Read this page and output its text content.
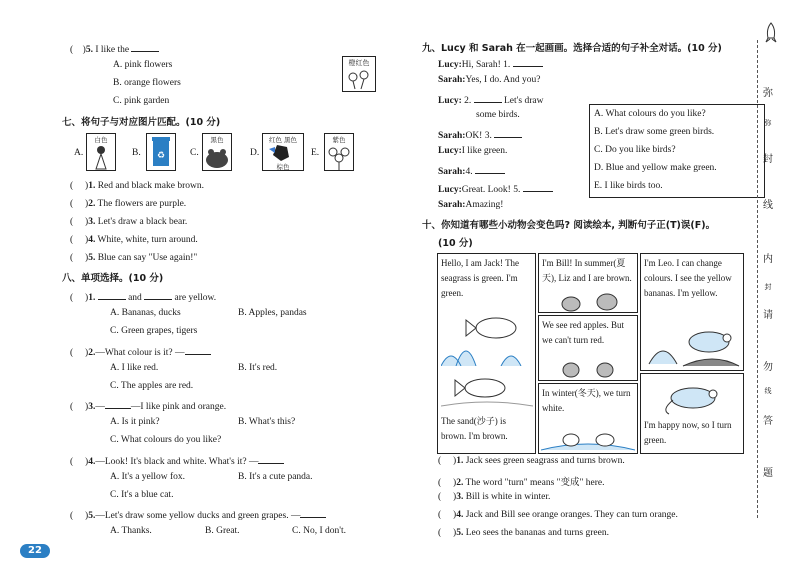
( )5. I like the
A. pink flowers
B. orange flowers
C. pink garden
橙红色
七、将句子与对应图片匹配。(10 分)
A.
白色
B. ♻	C.
黑色
D.
红色 黑色
棕色
E.
紫色
(     )1. Red and black make brown.
(     )2. The flowers are purple.
(     )3. Let's draw a black bear.
(     )4. White, white, turn around.
(     )5. Blue can say "Use again!"
八、单项选择。(10 分)
(     )1.	and	are yellow.
A. Bananas, ducks	B. Apples, pandas
C. Green grapes, tigers
(     )2.—What colour is it? —
A. I like red.	B. It's red.
C. The apples are red.
(     )3.—	—I like pink and orange.
A. Is it pink?	B. What's this?
C. What colours do you like?
(     )4.—Look! It's black and white. What's it? —
A. It's a yellow fox.	B. It's a cute panda.
C. It's a blue cat.
(     )5.—Let's draw some yellow ducks and green grapes. —
A. Thanks.	B. Great.	C. No, I don't.
22
九、Lucy 和 Sarah 在一起画画。选择合适的句子补全对话。(10 分)
Lucy:Hi, Sarah! 1.
Sarah:Yes, I do. And you?
Lucy: 2.	Let's draw
some birds.
Sarah:OK! 3.
Lucy:I like green.
Sarah:4.
Lucy:Great. Look! 5.
Sarah:Amazing!
A. What colours do you like?
B. Let's draw some green birds.
C. Do you like birds?
D. Blue and yellow make green.
E. I like birds too.
十、你知道有哪些小动物会变色吗? 阅读绘本, 判断句子正(T)误(F)。
(10 分)
Hello, I am Jack! The seagrass is green. I'm green.
The sand(沙子) is brown. I'm brown.
I'm Bill! In summer(夏天), Liz and I are brown.
We see red apples. But we can't turn red.
In winter(冬天), we turn white.
I'm Leo. I can change colours. I see the yellow bananas. I'm yellow.
I'm happy now, so I turn green.
(     )1. Jack sees green seagrass and turns brown.
(     )2. The word "turn" means "变成" here.
(     )3. Bill is white in winter.
(     )4. Jack and Bill see orange oranges. They can turn orange.
(     )5. Leo sees the bananas and turns green.
弥
弥
封
线
内
封
请
勿
线
答
题
